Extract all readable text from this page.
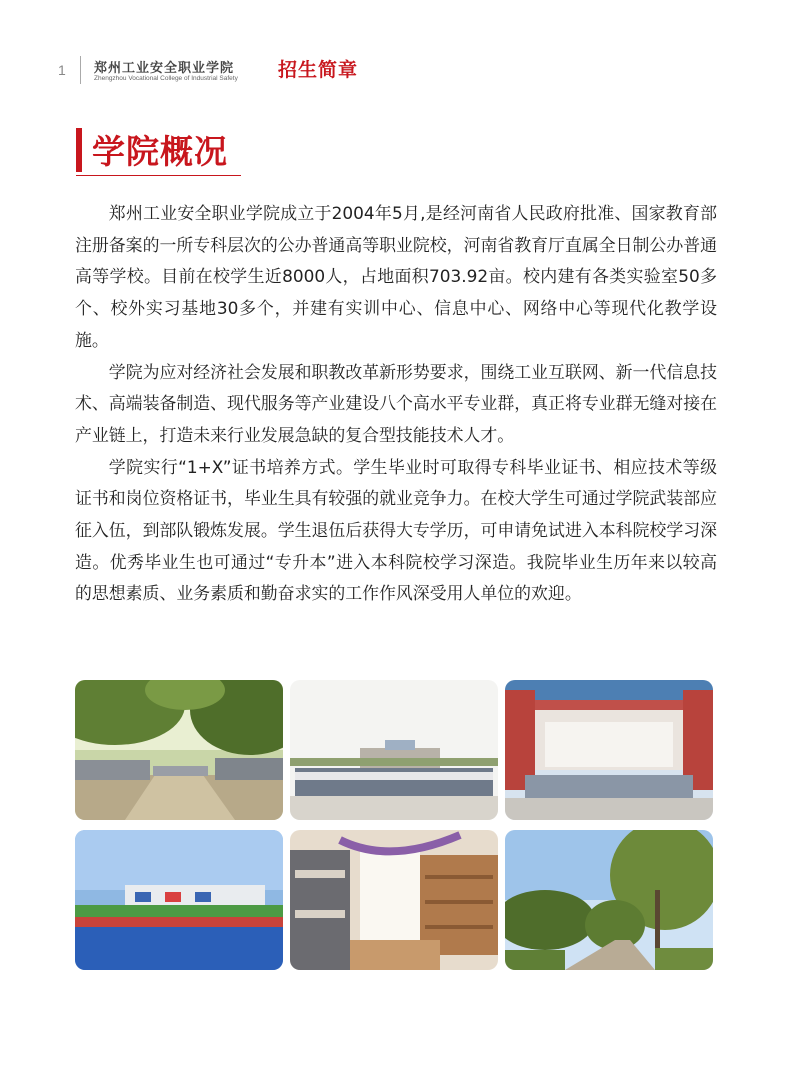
1 郑州工业安全职业学院
Zhengzhou Vocational College of Industrial Safety 招生简章
学院概况

郑州工业安全职业学院成立于2004年5月,是经河南省人民政府批准、国家教育部注册备案的一所专科层次的公办普通高等职业院校，河南省教育厅直属全日制公办普通高等学校。目前在校学生近8000人，占地面积703.92亩。校内建有各类实验室50多个、校外实习基地30多个，并建有实训中心、信息中心、网络中心等现代化教学设施。

学院为应对经济社会发展和职教改革新形势要求，围绕工业互联网、新一代信息技术、高端装备制造、现代服务等产业建设八个高水平专业群，真正将专业群无缝对接在产业链上，打造未来行业发展急缺的复合型技能技术人才。

学院实行“1+X”证书培养方式。学生毕业时可取得专科毕业证书、相应技术等级证书和岗位资格证书，毕业生具有较强的就业竞争力。在校大学生可通过学院武装部应征入伍，到部队锻炼发展。学生退伍后获得大专学历，可申请免试进入本科院校学习深造。优秀毕业生也可通过“专升本”进入本科院校学习深造。我院毕业生历年来以较高的思想素质、业务素质和勤奋求实的工作作风深受用人单位的欢迎。
